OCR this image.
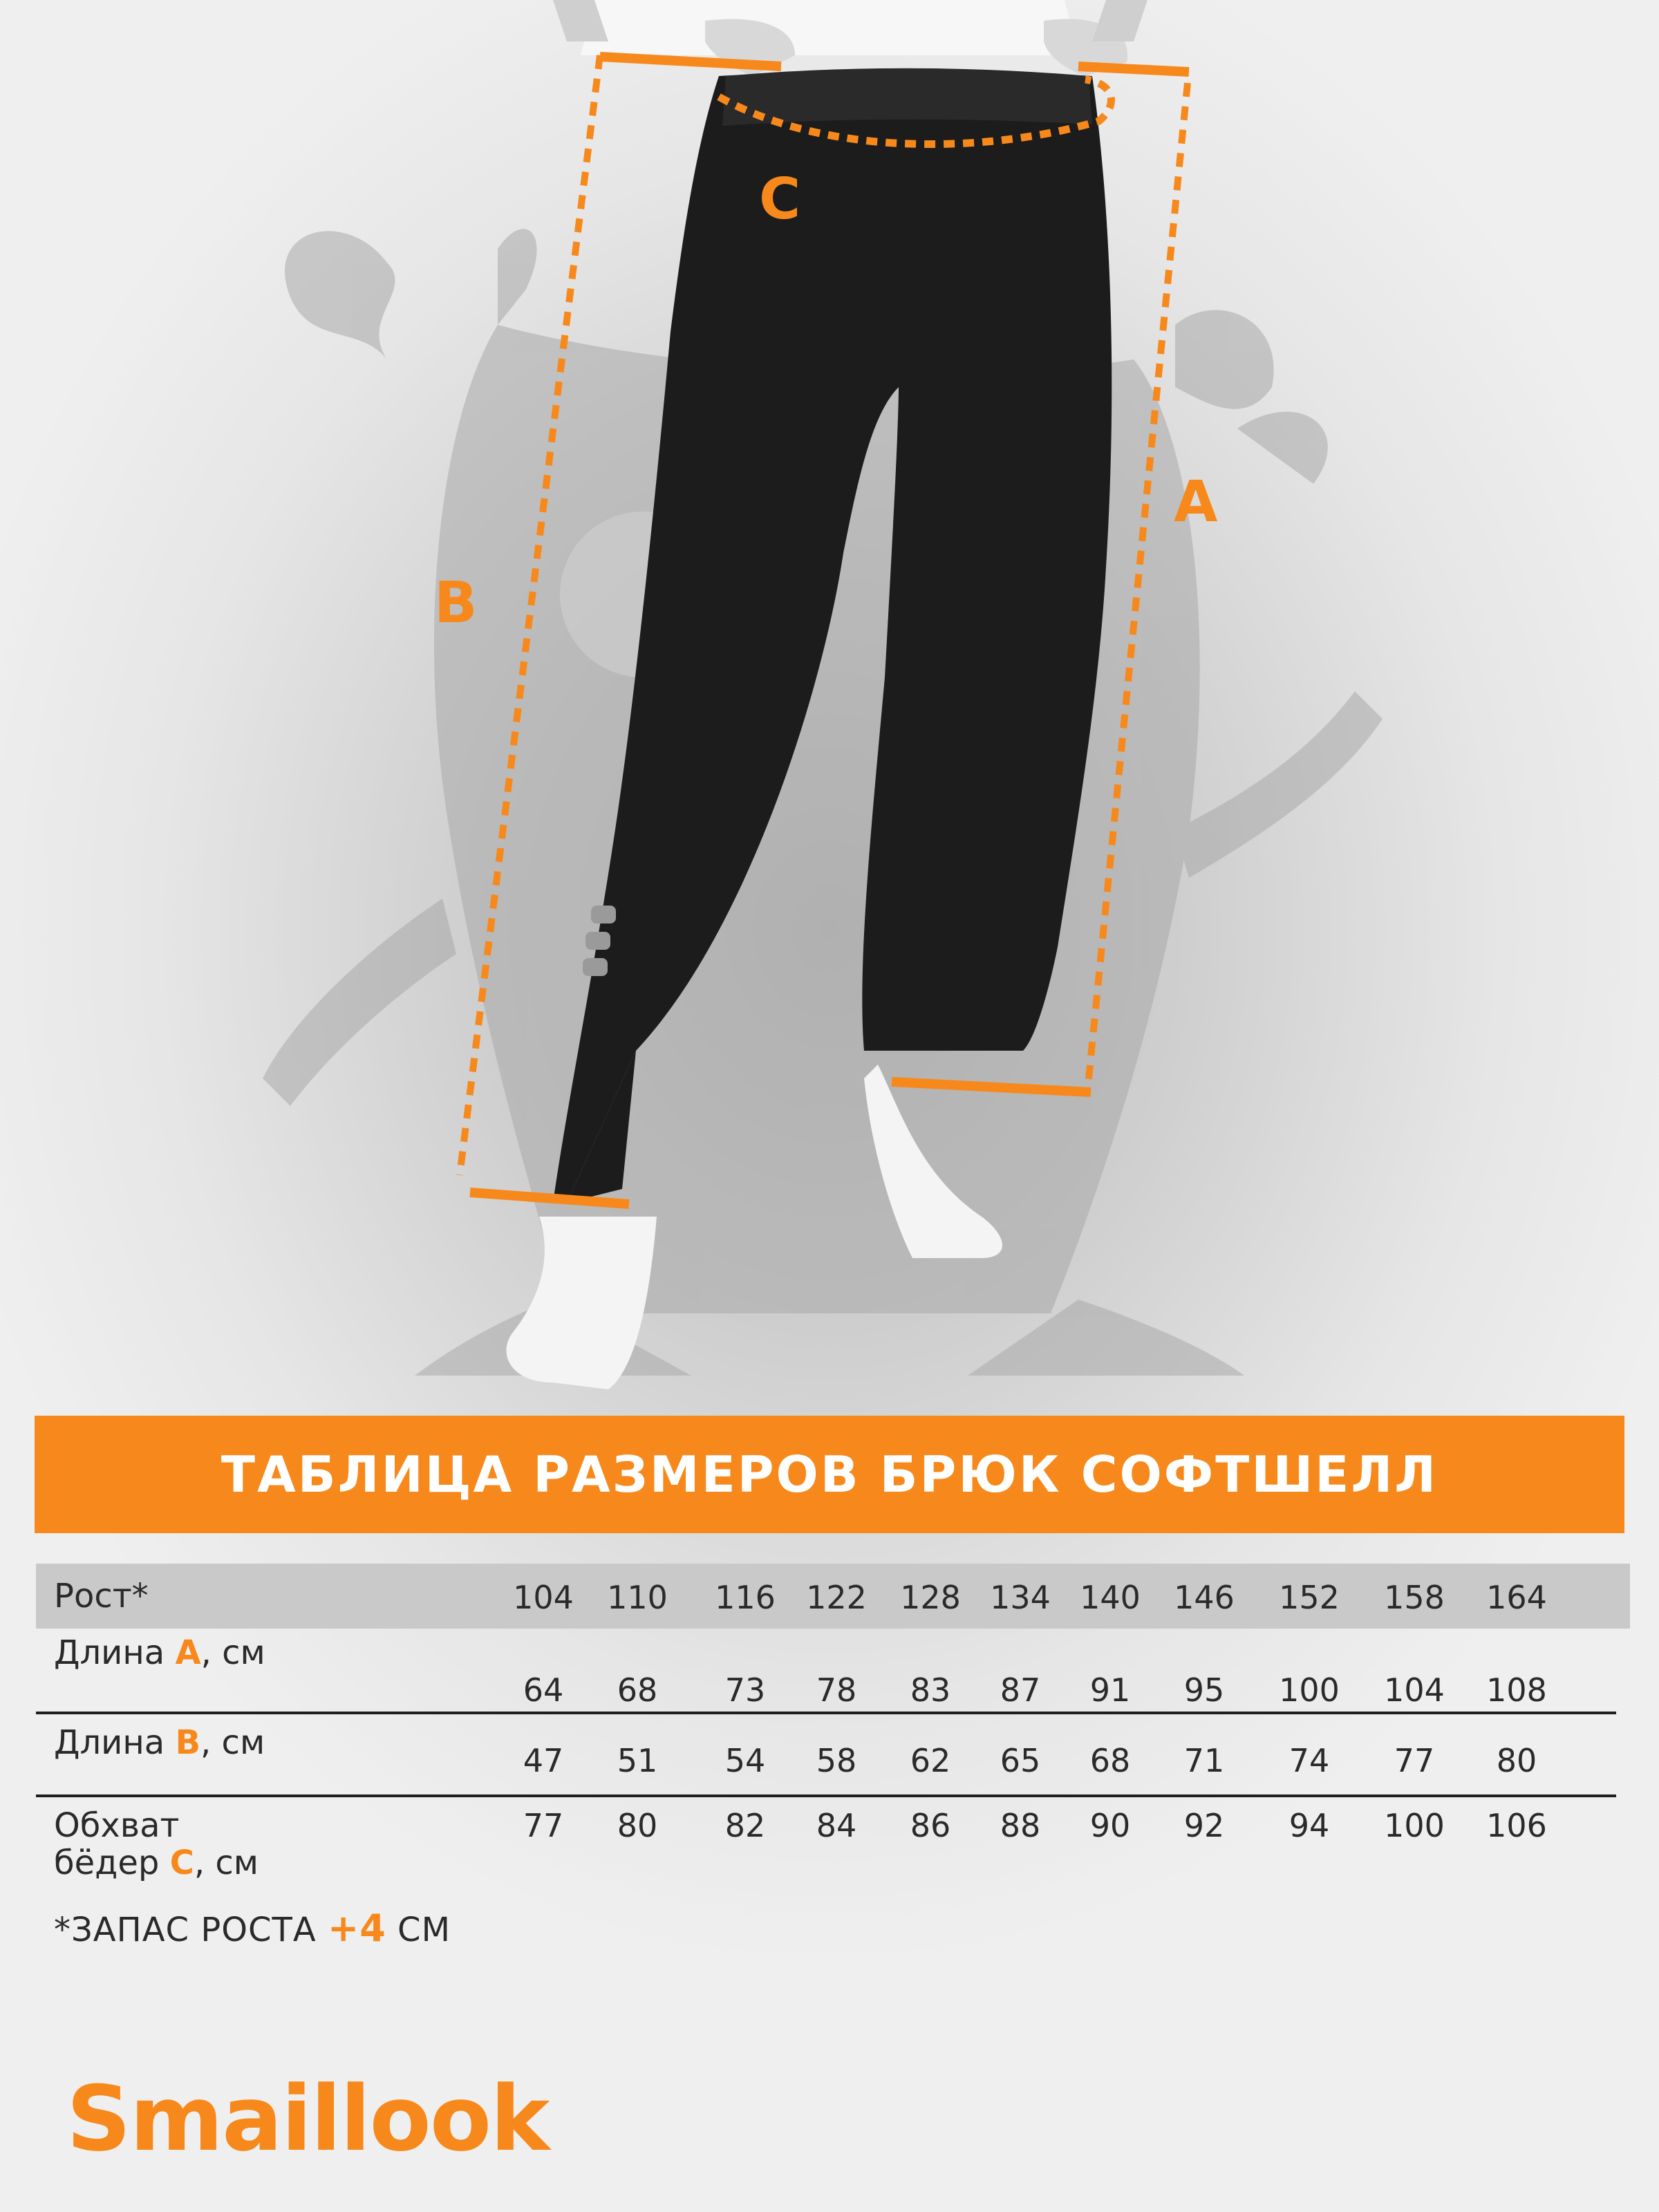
C
A
B
ТАБЛИЦА РАЗМЕРОВ БРЮК СОФТШЕЛЛ
Рост*	104	110	116 122	128 134 140	146	152	158	164
Длина А, см
64	68	73	78	83	87	91	95	100	104	108
Длина В, см	47	51	54	58	62	65	68	71	74	77	80
Обхват
бёдер С, см
77	80	82	84	86	88	90	92	94	100	106
*ЗАПАС РОСТА +4 СМ
Smaillook
